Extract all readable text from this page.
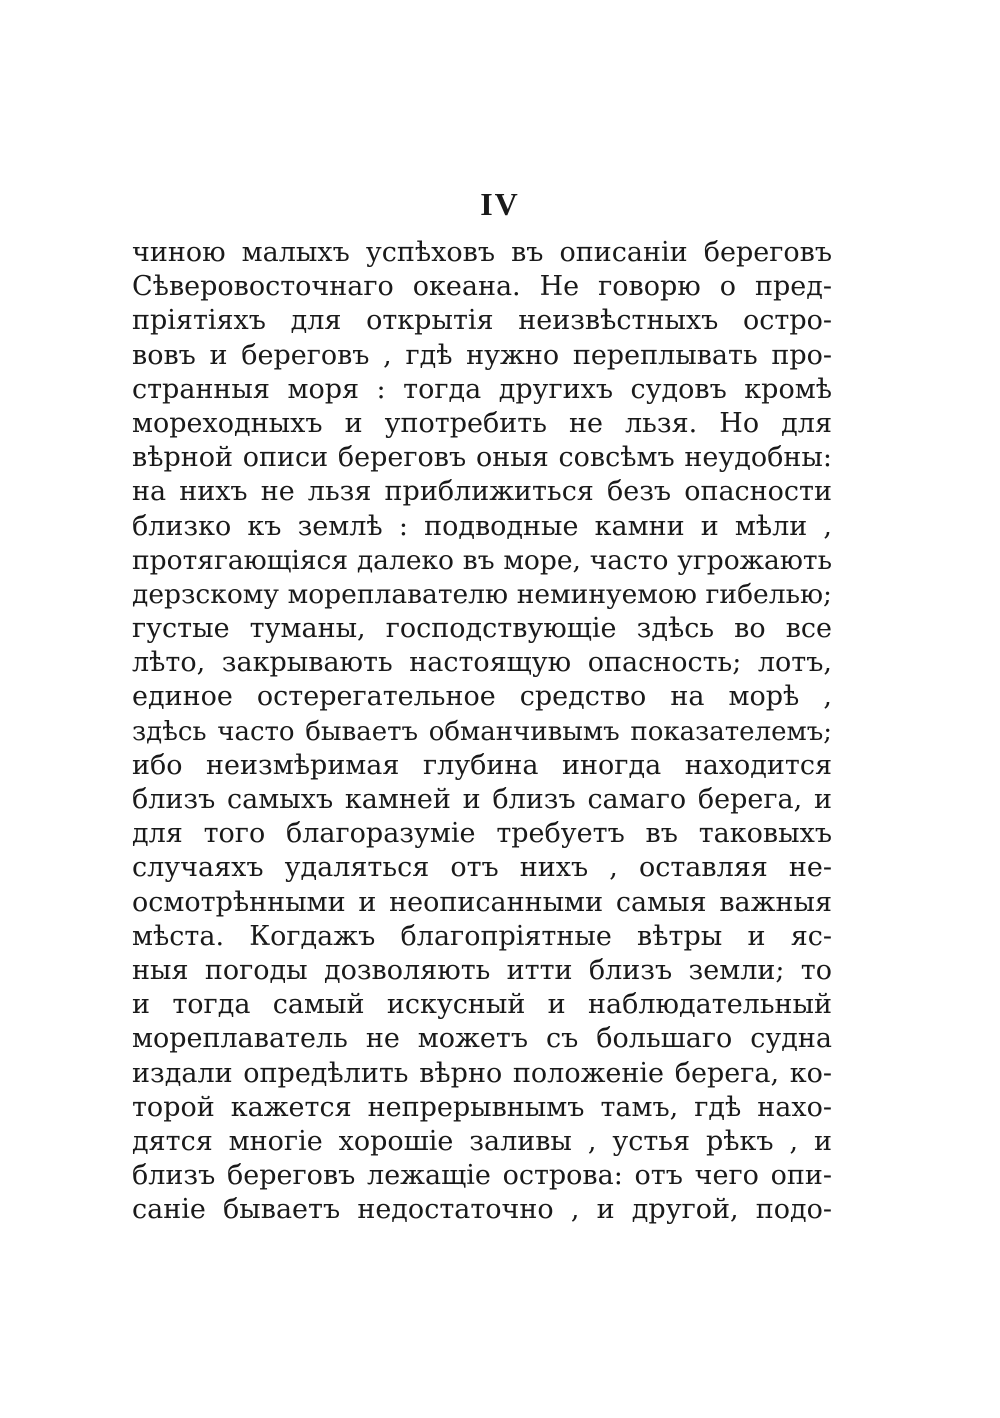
IV
чиною малыхъ успѣховъ въ описаніи береговъ
Сѣверовосточнаго океана. Не говорю о пред-
пріятіяхъ для открытія неизвѣстныхъ остро-
вовъ и береговъ , гдѣ нужно переплывать про-
странныя моря : тогда другихъ судовъ кромѣ
мореходныхъ и употребить не льзя. Но для
вѣрной описи береговъ оныя совсѣмъ неудобны:
на нихъ не льзя приближиться безъ опасности
близко къ землѣ : подводные камни и мѣли ,
протягающіяся далеко въ море, часто угрожають
дерзскому мореплавателю неминуемою гибелью;
густые туманы, господствующіе здѣсь во все
лѣто, закрывають настоящую опасность; лотъ,
единое остерегательное средство на морѣ ,
здѣсь часто бываетъ обманчивымъ показателемъ;
ибо неизмѣримая глубина иногда находится
близъ самыхъ камней и близъ самаго берега, и
для того благоразуміе требуетъ въ таковыхъ
случаяхъ удаляться отъ нихъ , оставляя не-
осмотрѣнными и неописанными самыя важныя
мѣста. Когдажъ благопріятные вѣтры и яс-
ныя погоды дозволяють итти близъ земли; то
и тогда самый искусный и наблюдательный
мореплаватель не можетъ съ большаго судна
издали опредѣлить вѣрно положеніе берега, ко-
торой кажется непрерывнымъ тамъ, гдѣ нахо-
дятся многіе хорошіе заливы , устья рѣкъ , и
близъ береговъ лежащіе острова: отъ чего опи-
саніе бываетъ недостаточно , и другой, подо-
